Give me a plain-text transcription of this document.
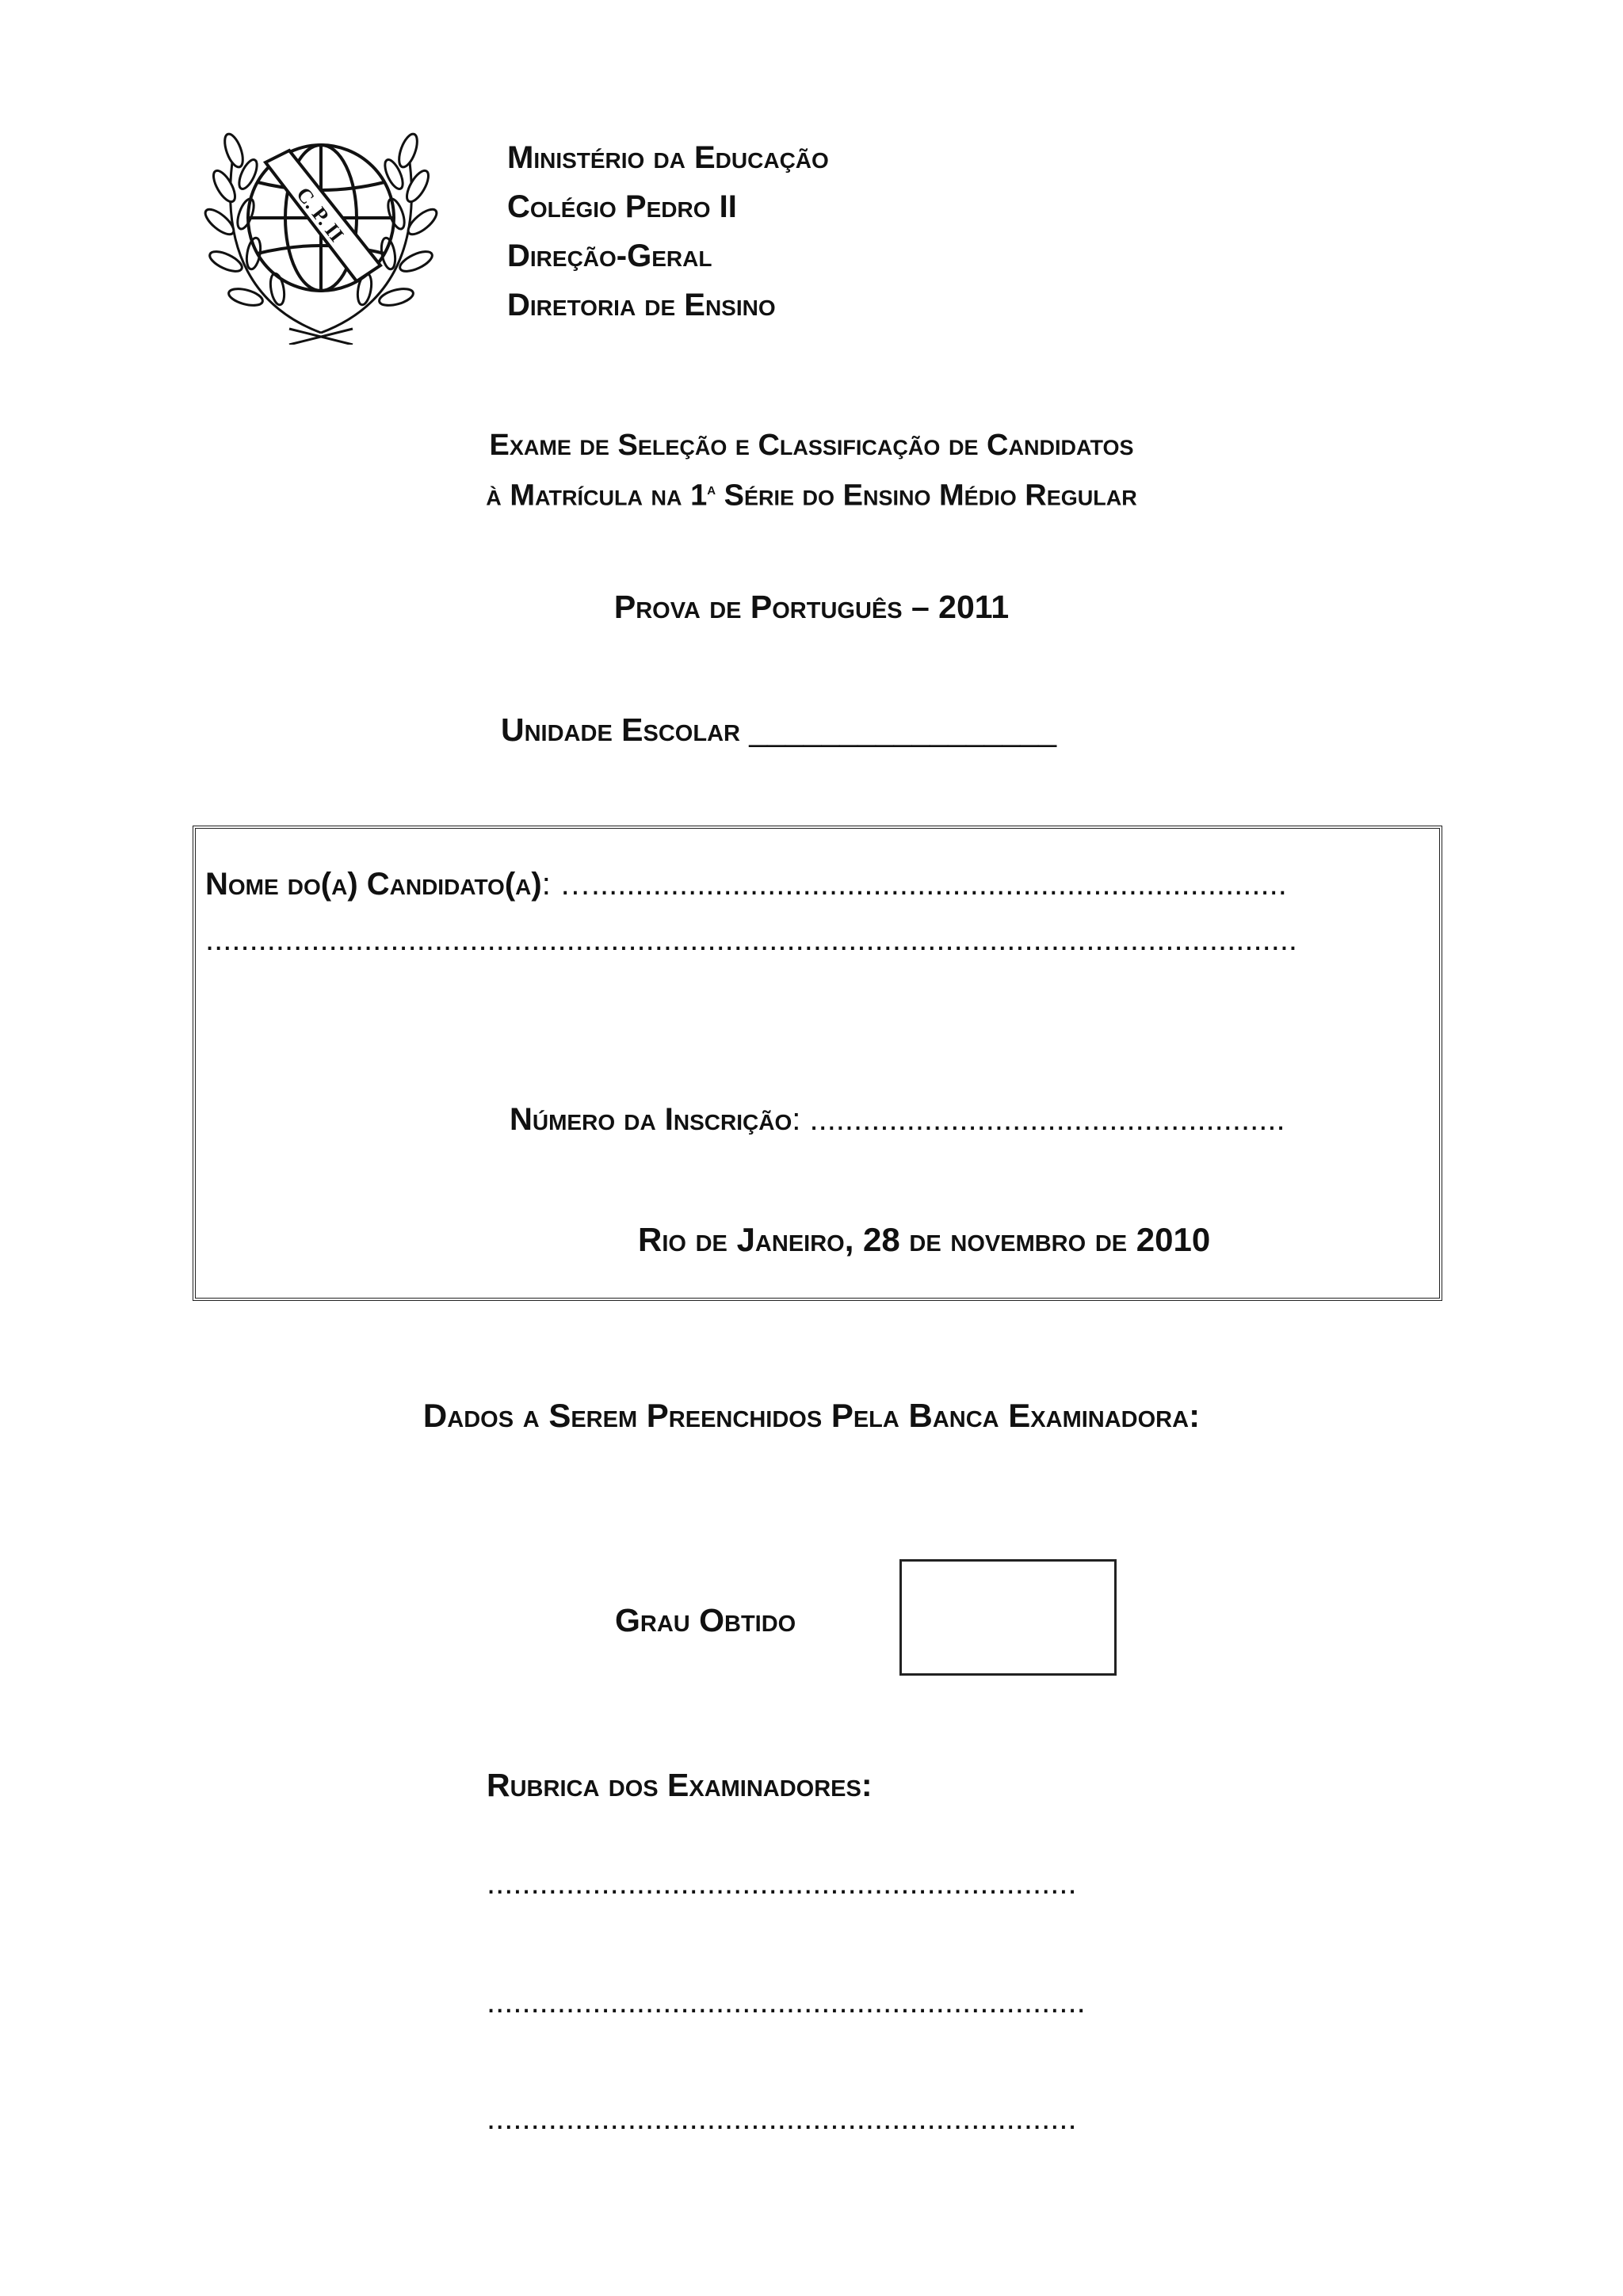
C. P. II
Ministério da Educação
Colégio Pedro II
Direção-Geral
Diretoria de Ensino
Exame de Seleção e Classificação de Candidatos
à Matrícula na 1$^a$ Série do Ensino Médio Regular
Prova de Português – 2011
Unidade Escolar _________________
Nome do(a) Candidato(a): …...............................................................................
............................................................................................................................
Número da Inscrição: ......................................................
Rio de Janeiro, 28 de novembro de 2010
Dados a Serem Preenchidos Pela Banca Examinadora:
Grau Obtido
Rubrica dos Examinadores:
...................................................................
....................................................................
...................................................................
